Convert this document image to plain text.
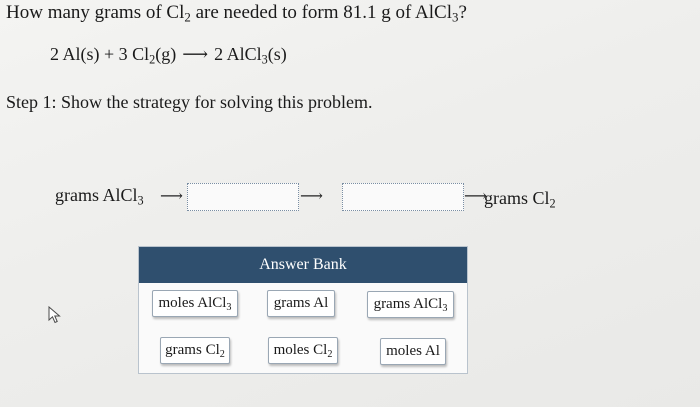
How many grams of $Cl_2$ are needed to form 81.1 g of AlCl$_3$?
2 Al(s) + 3 $Cl_2(g)$ ⟶ 2 AlCl$_3$(s)
Step 1: Show the strategy for solving this problem.
grams AlCl$_3$ ⟶	⟶	⟶
grams $Cl_2$
Answer Bank
moles AlCl$_3$	grams Al	grams AlCl$_3$
grams $Cl_2$	moles $Cl_2$	moles Al
